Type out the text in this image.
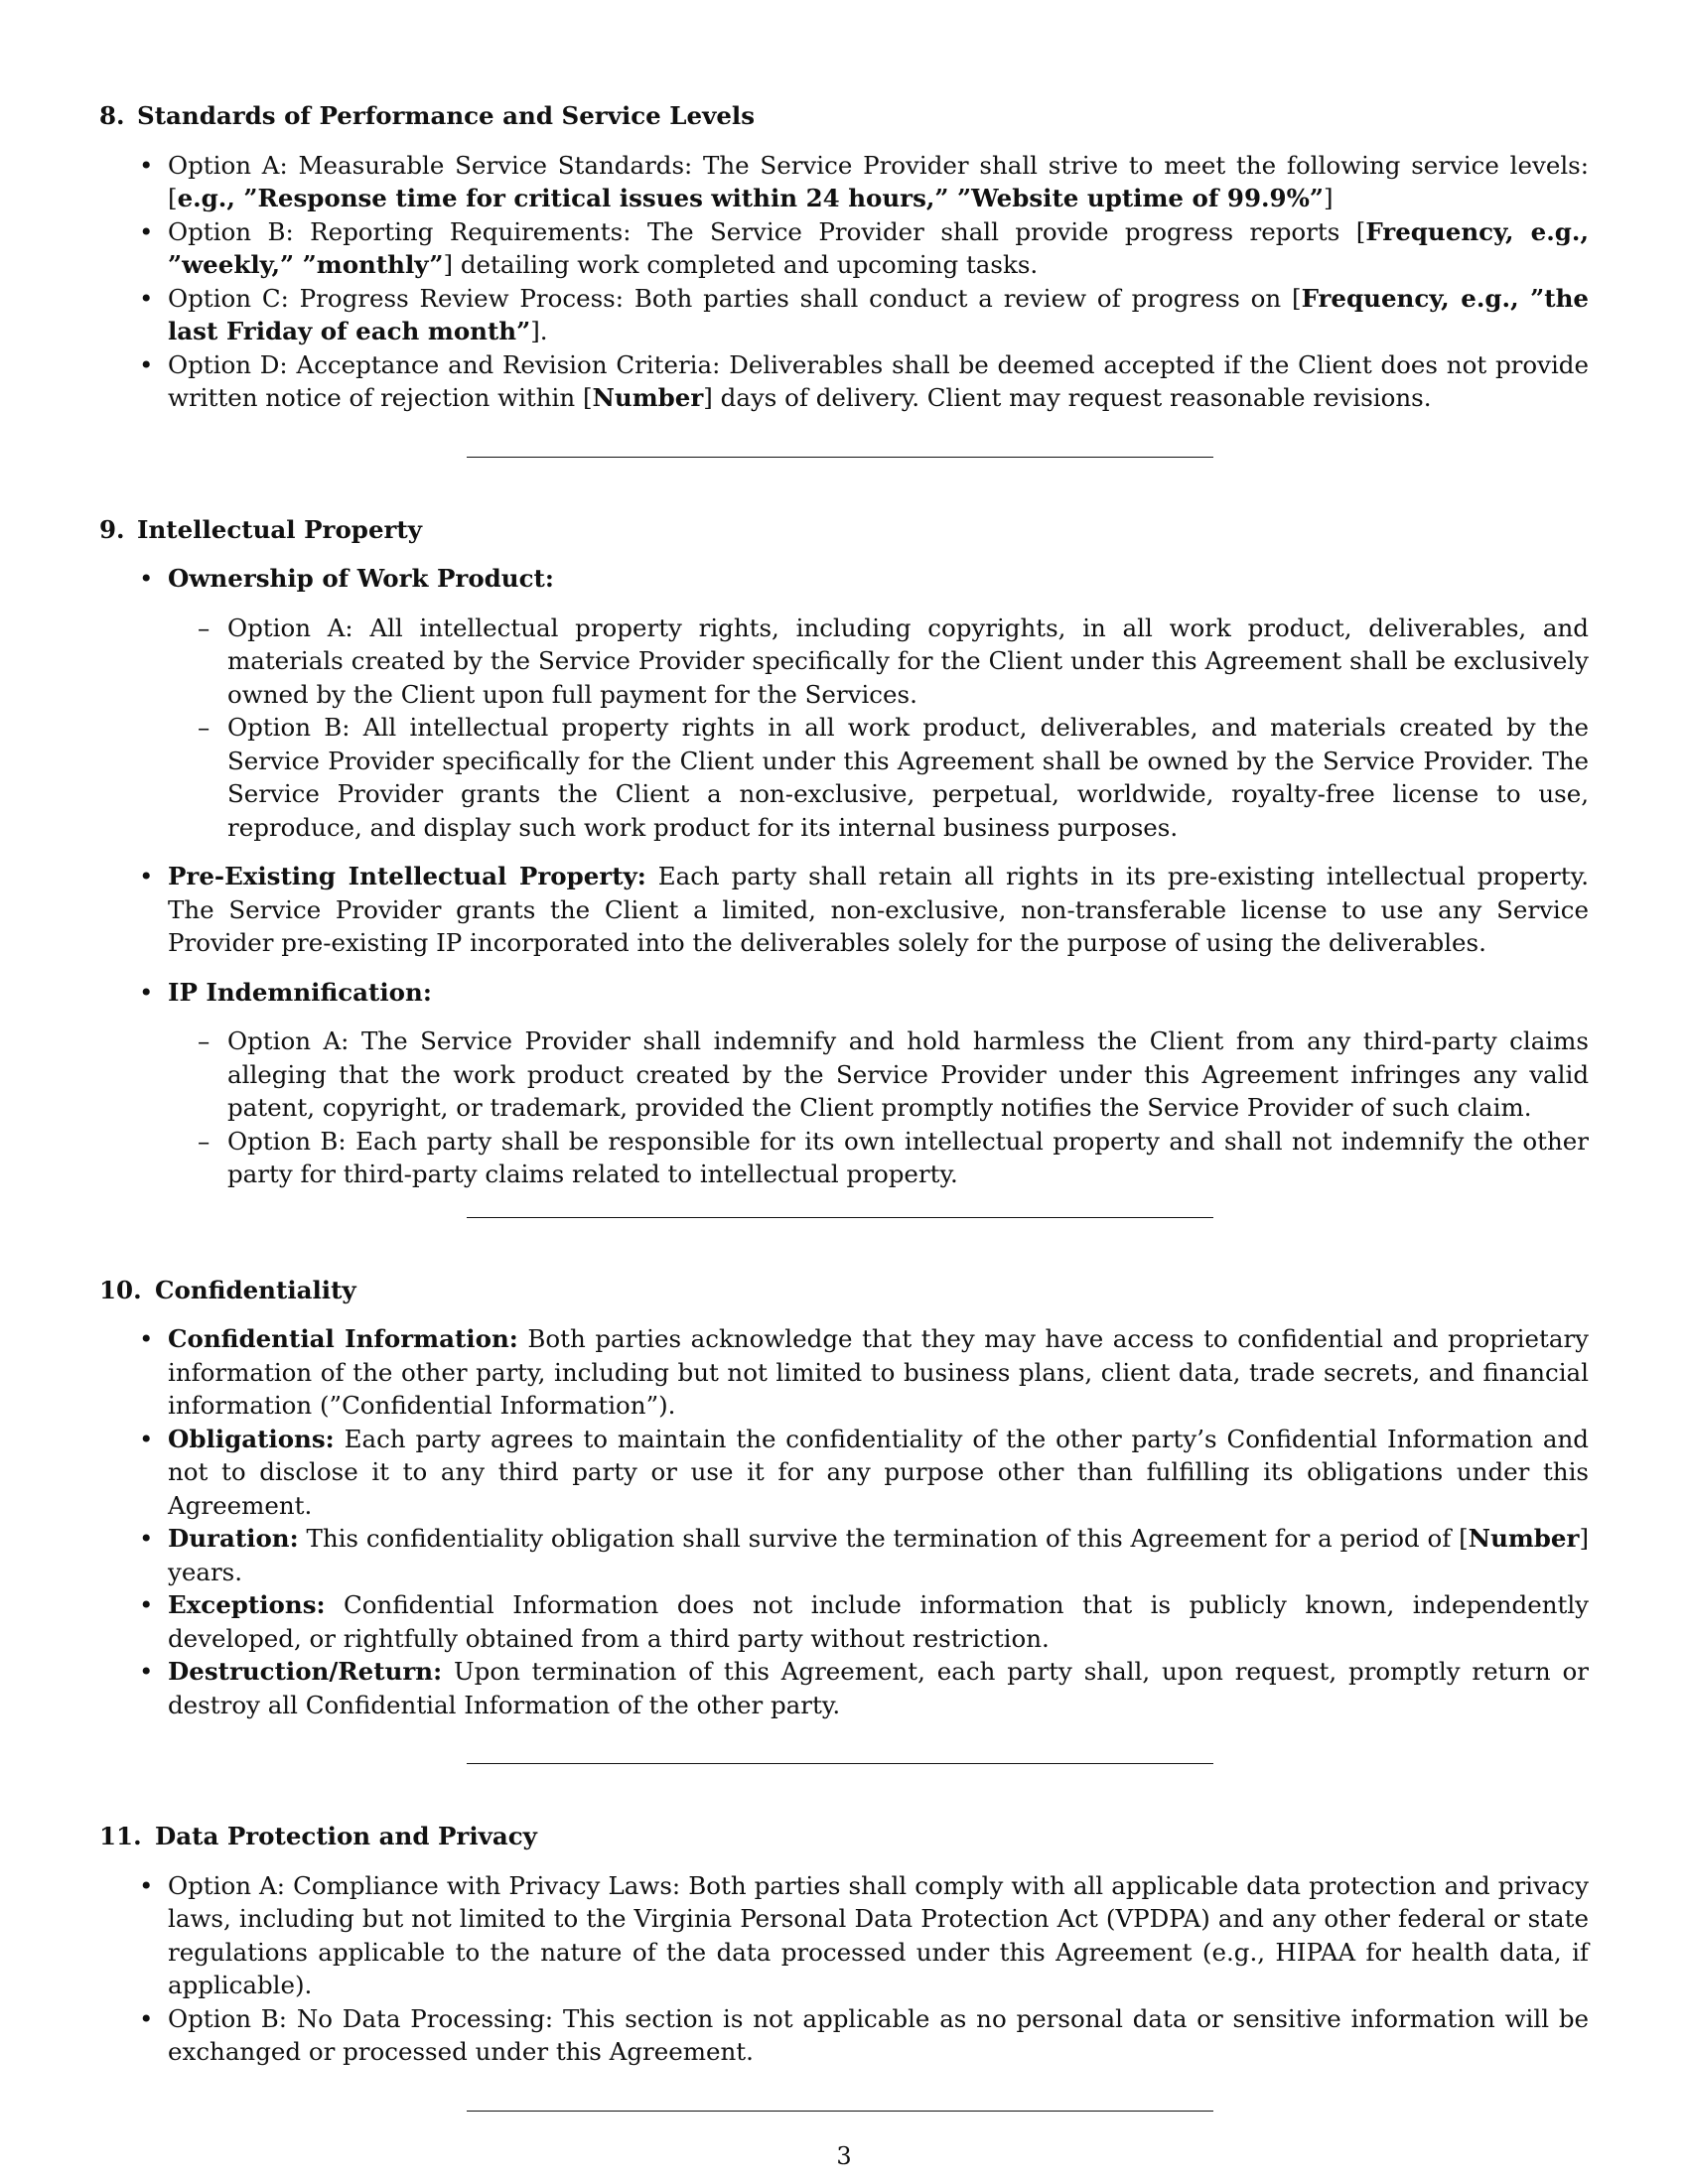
8. Standards of Performance and Service Levels
• Option A: Measurable Service Standards: The Service Provider shall strive to meet the following service levels: [e.g., ”Response time for critical issues within 24 hours,” ”Website uptime of 99.9%”]
• Option B: Reporting Requirements: The Service Provider shall provide progress reports [Frequency, e.g., ”weekly,” ”monthly”] detailing work completed and upcoming tasks.
• Option C: Progress Review Process: Both parties shall conduct a review of progress on [Frequency, e.g., ”the last Friday of each month”].
• Option D: Acceptance and Revision Criteria: Deliverables shall be deemed accepted if the Client does not provide written notice of rejection within [Number] days of delivery. Client may request reasonable revisions.
9. Intellectual Property
• Ownership of Work Product:
– Option A: All intellectual property rights, including copyrights, in all work product, deliverables, and materials created by the Service Provider specifically for the Client under this Agreement shall be exclusively owned by the Client upon full payment for the Services.
– Option B: All intellectual property rights in all work product, deliverables, and materials created by the Service Provider specifically for the Client under this Agreement shall be owned by the Service Provider. The Service Provider grants the Client a non-exclusive, perpetual, worldwide, royalty-free license to use, reproduce, and display such work product for its internal business purposes.
• Pre-Existing Intellectual Property: Each party shall retain all rights in its pre-existing intellectual property. The Service Provider grants the Client a limited, non-exclusive, non-transferable license to use any Service Provider pre-existing IP incorporated into the deliverables solely for the purpose of using the deliverables.
• IP Indemnification:
– Option A: The Service Provider shall indemnify and hold harmless the Client from any third-party claims alleging that the work product created by the Service Provider under this Agreement infringes any valid patent, copyright, or trademark, provided the Client promptly notifies the Service Provider of such claim.
– Option B: Each party shall be responsible for its own intellectual property and shall not indemnify the other party for third-party claims related to intellectual property.
10. Confidentiality
• Confidential Information: Both parties acknowledge that they may have access to confidential and proprietary information of the other party, including but not limited to business plans, client data, trade secrets, and financial information (”Confidential Information”).
• Obligations: Each party agrees to maintain the confidentiality of the other party’s Confidential Information and not to disclose it to any third party or use it for any purpose other than fulfilling its obligations under this Agreement.
• Duration: This confidentiality obligation shall survive the termination of this Agreement for a period of [Number] years.
• Exceptions: Confidential Information does not include information that is publicly known, independently developed, or rightfully obtained from a third party without restriction.
• Destruction/Return: Upon termination of this Agreement, each party shall, upon request, promptly return or destroy all Confidential Information of the other party.
11. Data Protection and Privacy
• Option A: Compliance with Privacy Laws: Both parties shall comply with all applicable data protection and privacy laws, including but not limited to the Virginia Personal Data Protection Act (VPDPA) and any other federal or state regulations applicable to the nature of the data processed under this Agreement (e.g., HIPAA for health data, if applicable).
• Option B: No Data Processing: This section is not applicable as no personal data or sensitive information will be exchanged or processed under this Agreement.
3
